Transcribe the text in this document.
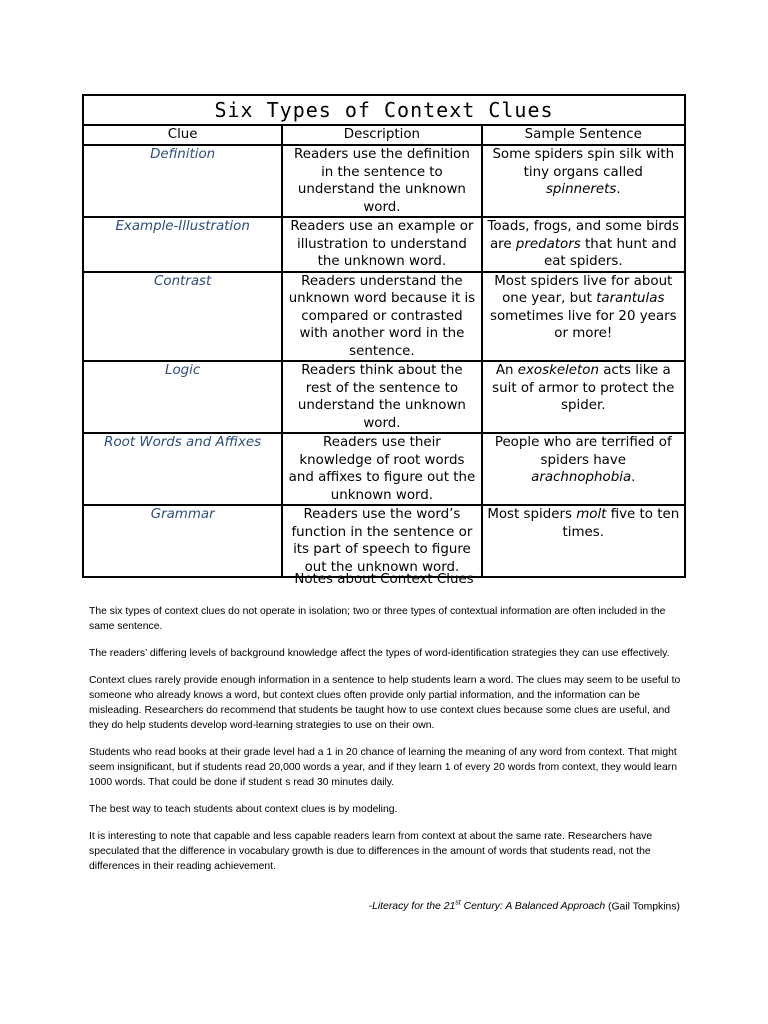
Six Types of Context Clues		
Clue	Description	Sample Sentence
Definition	Readers use the definition in the sentence to understand the unknown word.	Some spiders spin silk with tiny organs called spinnerets.
Example-Illustration	Readers use an example or illustration to understand the unknown word.	Toads, frogs, and some birds are predators that hunt and eat spiders.
Contrast	Readers understand the unknown word because it is compared or contrasted with another word in the sentence.	Most spiders live for about one year, but tarantulas sometimes live for 20 years or more!
Logic	Readers think about the rest of the sentence to understand the unknown word.	An exoskeleton acts like a suit of armor to protect the spider.
Root Words and Affixes	Readers use their knowledge of root words and affixes to figure out the unknown word.	People who are terrified of spiders have arachnophobia.
Grammar	Readers use the word’s function in the sentence or its part of speech to figure out the unknown word.	Most spiders molt five to ten times.
Notes about Context Clues

The six types of context clues do not operate in isolation; two or three types of contextual information are often included in the same sentence.

The readers’ differing levels of background knowledge affect the types of word-identification strategies they can use effectively.

Context clues rarely provide enough information in a sentence to help students learn a word. The clues may seem to be useful to someone who already knows a word, but context clues often provide only partial information, and the information can be misleading. Researchers do recommend that students be taught how to use context clues because some clues are useful, and they do help students develop word-learning strategies to use on their own.

Students who read books at their grade level had a 1 in 20 chance of learning the meaning of any word from context. That might seem insignificant, but if students read 20,000 words a year, and if they learn 1 of every 20 words from context, they would learn 1000 words. That could be done if student s read 30 minutes daily.

The best way to teach students about context clues is by modeling.

It is interesting to note that capable and less capable readers learn from context at about the same rate. Researchers have speculated that the difference in vocabulary growth is due to differences in the amount of words that students read, not the differences in their reading achievement.

-Literacy for the 21st Century: A Balanced Approach (Gail Tompkins)
